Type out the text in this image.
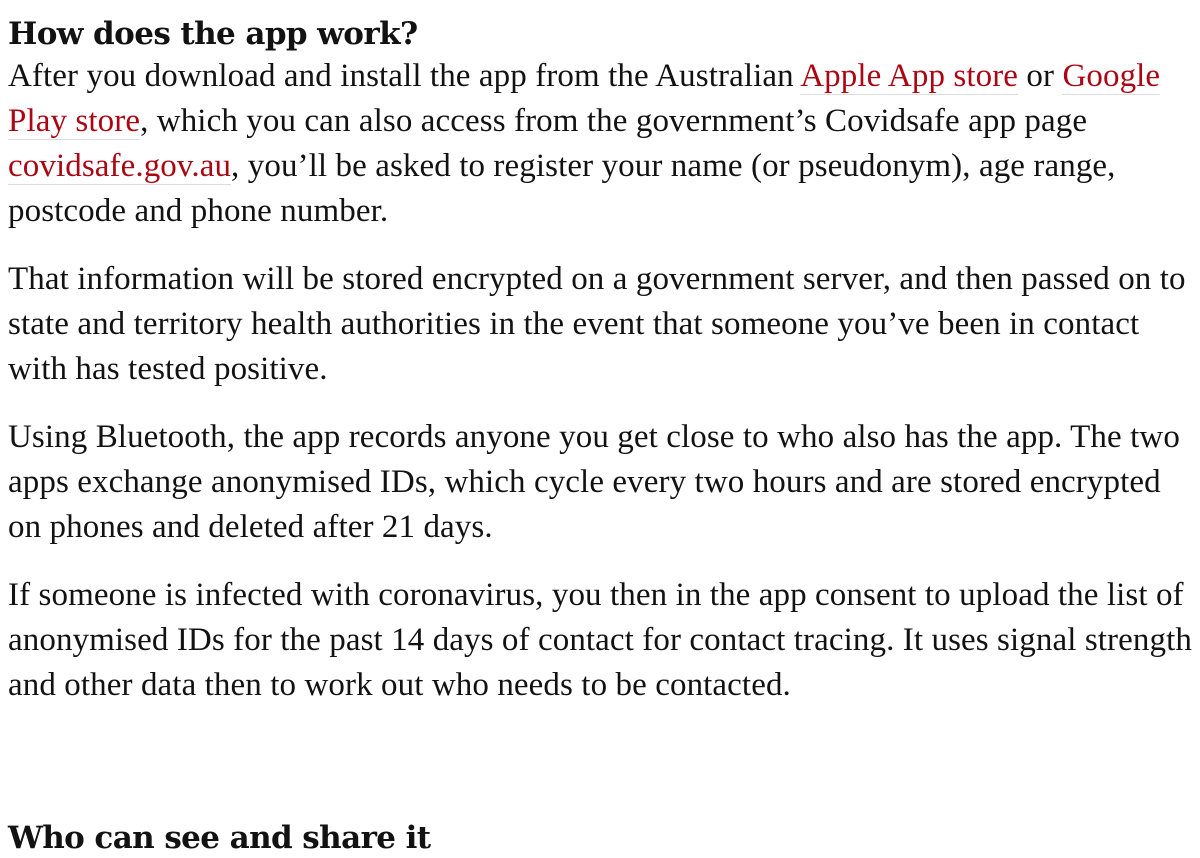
How does the app work?

After you download and install the app from the Australian Apple App store or Google Play store, which you can also access from the government’s Covidsafe app page covidsafe.gov.au, you’ll be asked to register your name (or pseudonym), age range, postcode and phone number.

That information will be stored encrypted on a government server, and then passed on to state and territory health authorities in the event that someone you’ve been in contact with has tested positive.

Using Bluetooth, the app records anyone you get close to who also has the app. The two apps exchange anonymised IDs, which cycle every two hours and are stored encrypted on phones and deleted after 21 days.

If someone is infected with coronavirus, you then in the app consent to upload the list of anonymised IDs for the past 14 days of contact for contact tracing. It uses signal strength and other data then to work out who needs to be contacted.

Who can see and share it
